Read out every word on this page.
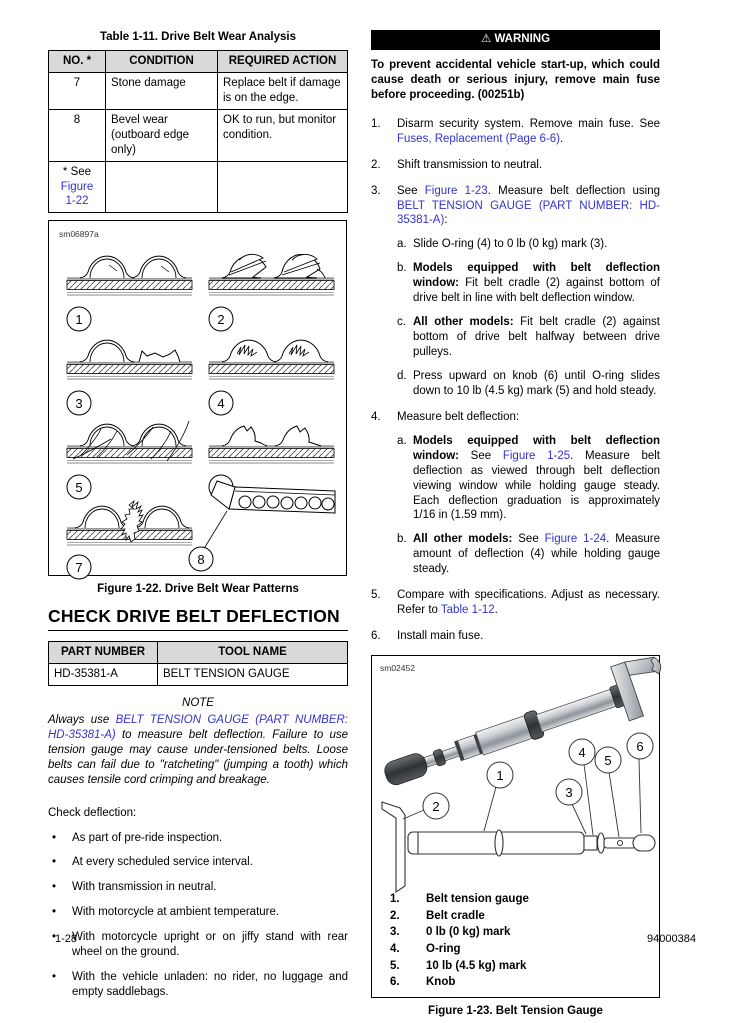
Table 1-11. Drive Belt Wear Analysis
NO. *	CONDITION	REQUIRED ACTION
7	Stone damage	Replace belt if damage is on the edge.
8	Bevel wear (outboard edge only)	OK to run, but monitor condition.
* See Figure 1-22		
sm06897a
1	2
3	4
5
7
8
Figure 1-22. Drive Belt Wear Patterns
CHECK DRIVE BELT DEFLECTION
PART NUMBER	TOOL NAME
HD-35381-A	BELT TENSION GAUGE
NOTE

Always use BELT TENSION GAUGE (PART NUMBER: HD-35381-A) to measure belt deflection. Failure to use tension gauge may cause under-tensioned belts. Loose belts can fail due to "ratcheting" (jumping a tooth) which causes tensile cord crimping and breakage.

Check deflection:

•	As part of pre-ride inspection.
•	At every scheduled service interval.
•	With transmission in neutral.
•	With motorcycle at ambient temperature.
•	With motorcycle upright or on jiffy stand with rear wheel on the ground.
•	With the vehicle unladen: no rider, no luggage and empty saddlebags.
⚠ WARNING

To prevent accidental vehicle start-up, which could cause death or serious injury, remove main fuse before proceeding. (00251b)

1.	Disarm security system. Remove main fuse. See Fuses, Replacement (Page 6-6).
2.	Shift transmission to neutral.
3.	See Figure 1-23. Measure belt deflection using BELT TENSION GAUGE (PART NUMBER: HD-35381-A):
a. Slide O-ring (4) to 0 lb (0 kg) mark (3).
b. Models equipped with belt deflection window: Fit belt cradle (2) against bottom of drive belt in line with belt deflection window.
c. All other models: Fit belt cradle (2) against bottom of drive belt halfway between drive pulleys.
d. Press upward on knob (6) until O-ring slides down to 10 lb (4.5 kg) mark (5) and hold steady.
4.	Measure belt deflection:
a. Models equipped with belt deflection window: See Figure 1-25. Measure belt deflection as viewed through belt deflection viewing window while holding gauge steady. Each deflection graduation is approximately 1/16 in (1.59 mm).
b. All other models: See Figure 1-24. Measure amount of deflection (4) while holding gauge steady.
5.	Compare with specifications. Adjust as necessary. Refer to Table 1-12.
6.	Install main fuse.
sm02452
1
2
3
4
5
6
1.	Belt tension gauge
2.	Belt cradle
3.	0 lb (0 kg) mark
4.	O-ring
5.	10 lb (4.5 kg) mark
6.	Knob
Figure 1-23. Belt Tension Gauge
1-28	94000384
